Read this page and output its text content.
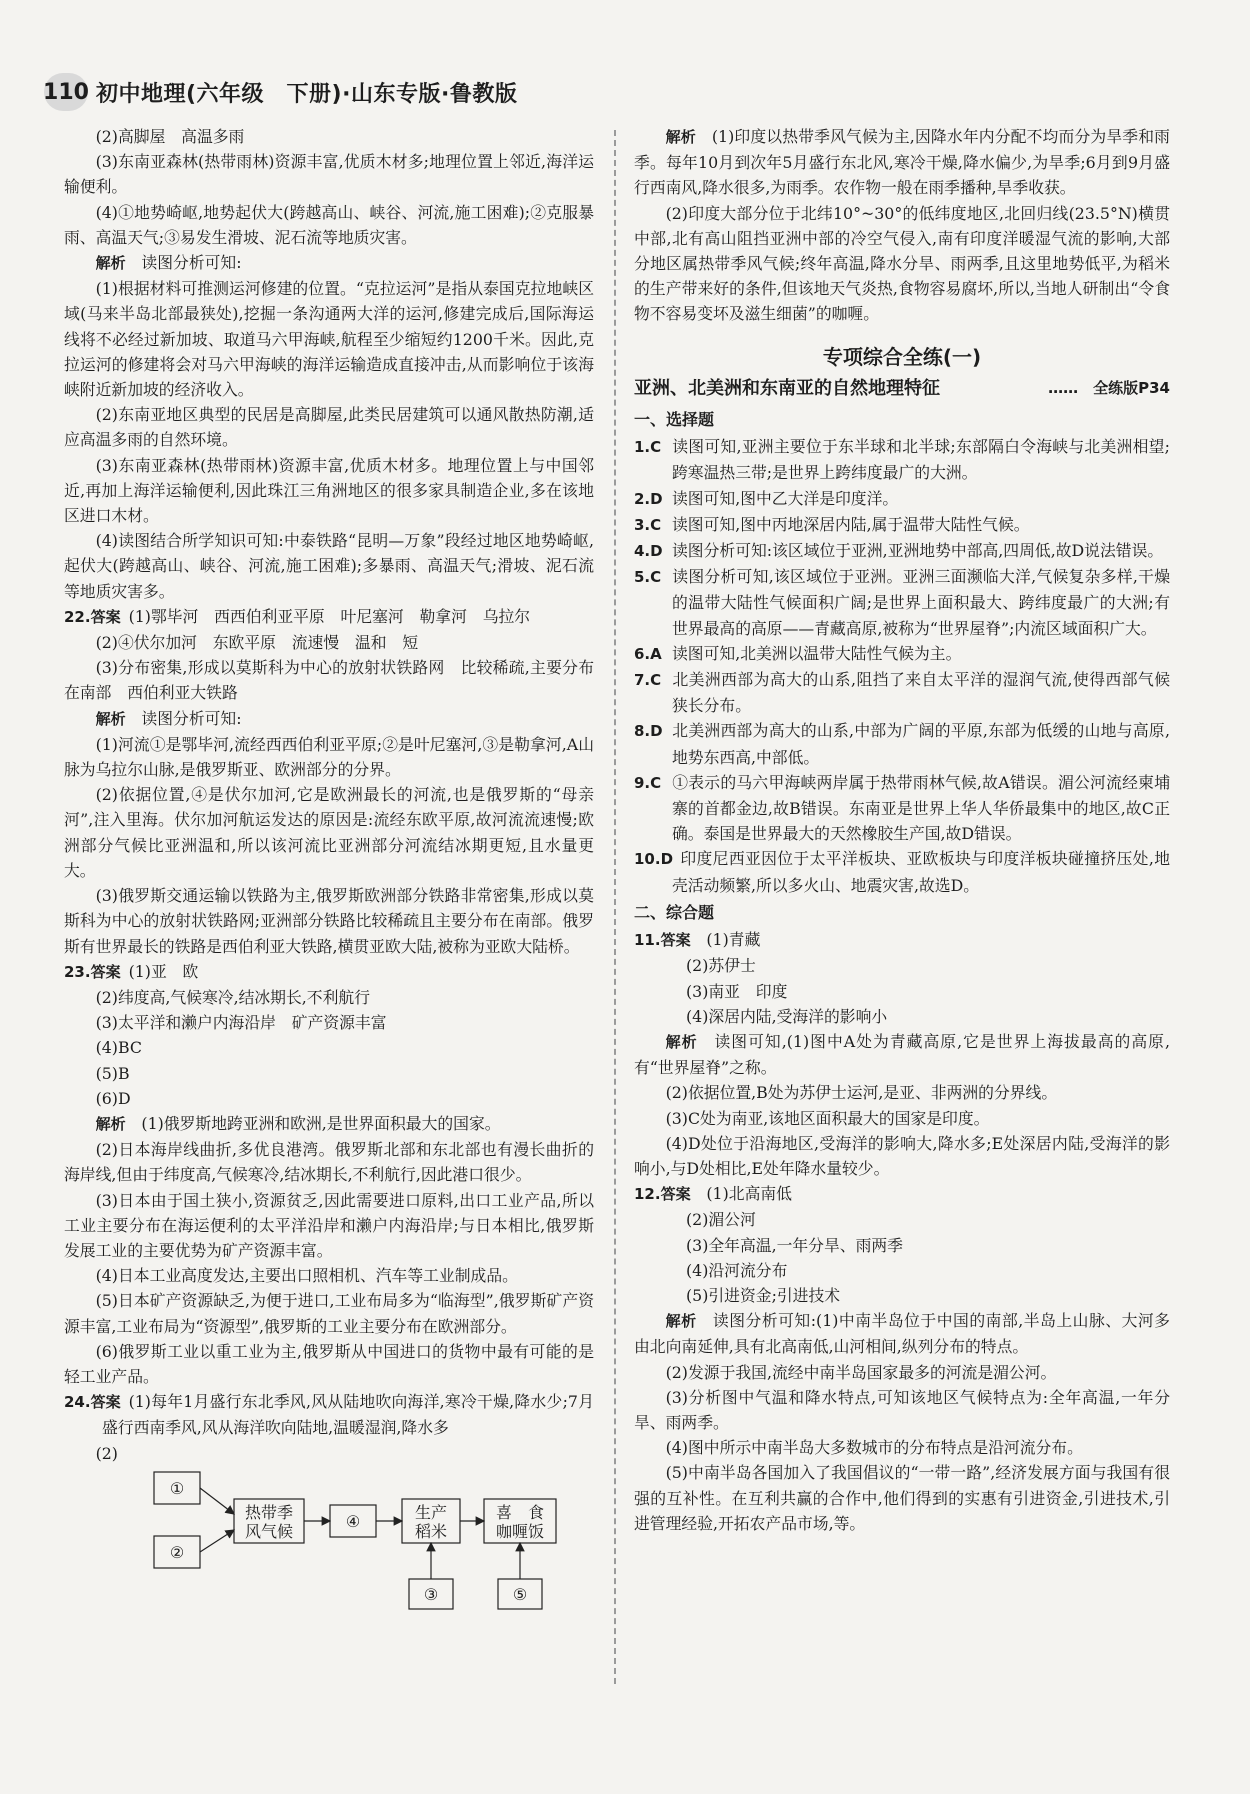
110 初中地理(六年级　下册)·山东专版·鲁教版

(2)高脚屋　高温多雨

(3)东南亚森林(热带雨林)资源丰富,优质木材多;地理位置上邻近,海洋运输便利。

(4)①地势崎岖,地势起伏大(跨越高山、峡谷、河流,施工困难);②克服暴雨、高温天气;③易发生滑坡、泥石流等地质灾害。

解析　 读图分析可知:

(1)根据材料可推测运河修建的位置。“克拉运河”是指从泰国克拉地峡区域(马来半岛北部最狭处),挖掘一条沟通两大洋的运河,修建完成后,国际海运线将不必经过新加坡、取道马六甲海峡,航程至少缩短约1200千米。因此,克拉运河的修建将会对马六甲海峡的海洋运输造成直接冲击,从而影响位于该海峡附近新加坡的经济收入。

(2)东南亚地区典型的民居是高脚屋,此类民居建筑可以通风散热防潮,适应高温多雨的自然环境。

(3)东南亚森林(热带雨林)资源丰富,优质木材多。地理位置上与中国邻近,再加上海洋运输便利,因此珠江三角洲地区的很多家具制造企业,多在该地区进口木材。

(4)读图结合所学知识可知:中泰铁路“昆明—万象”段经过地区地势崎岖,起伏大(跨越高山、峡谷、河流,施工困难);多暴雨、高温天气;滑坡、泥石流等地质灾害多。

22.答案 (1)鄂毕河　西西伯利亚平原　叶尼塞河　勒拿河　乌拉尔

(2)④伏尔加河　东欧平原　流速慢　温和　短

(3)分布密集,形成以莫斯科为中心的放射状铁路网　比较稀疏,主要分布在南部　西伯利亚大铁路

解析　 读图分析可知:

(1)河流①是鄂毕河,流经西西伯利亚平原;②是叶尼塞河,③是勒拿河,A山脉为乌拉尔山脉,是俄罗斯亚、欧洲部分的分界。

(2)依据位置,④是伏尔加河,它是欧洲最长的河流,也是俄罗斯的“母亲河”,注入里海。伏尔加河航运发达的原因是:流经东欧平原,故河流流速慢;欧洲部分气候比亚洲温和,所以该河流比亚洲部分河流结冰期更短,且水量更大。

(3)俄罗斯交通运输以铁路为主,俄罗斯欧洲部分铁路非常密集,形成以莫斯科为中心的放射状铁路网;亚洲部分铁路比较稀疏且主要分布在南部。俄罗斯有世界最长的铁路是西伯利亚大铁路,横贯亚欧大陆,被称为亚欧大陆桥。

23.答案 (1)亚　欧

(2)纬度高,气候寒冷,结冰期长,不利航行

(3)太平洋和濑户内海沿岸　矿产资源丰富

(4)BC

(5)B

(6)D

解析　 (1)俄罗斯地跨亚洲和欧洲,是世界面积最大的国家。

(2)日本海岸线曲折,多优良港湾。俄罗斯北部和东北部也有漫长曲折的海岸线,但由于纬度高,气候寒冷,结冰期长,不利航行,因此港口很少。

(3)日本由于国土狭小,资源贫乏,因此需要进口原料,出口工业产品,所以工业主要分布在海运便利的太平洋沿岸和濑户内海沿岸;与日本相比,俄罗斯发展工业的主要优势为矿产资源丰富。

(4)日本工业高度发达,主要出口照相机、汽车等工业制成品。

(5)日本矿产资源缺乏,为便于进口,工业布局多为“临海型”,俄罗斯矿产资源丰富,工业布局为“资源型”,俄罗斯的工业主要分布在欧洲部分。

(6)俄罗斯工业以重工业为主,俄罗斯从中国进口的货物中最有可能的是轻工业产品。

24.答案 (1)每年1月盛行东北季风,风从陆地吹向海洋,寒冷干燥,降水少;7月盛行西南季风,风从海洋吹向陆地,温暖湿润,降水多

(2)

①
②
热带季
风气候
④	生产
稻米
喜　食
咖喱饭
③	⑤

解析　 (1)印度以热带季风气候为主,因降水年内分配不均而分为旱季和雨季。每年10月到次年5月盛行东北风,寒冷干燥,降水偏少,为旱季;6月到9月盛行西南风,降水很多,为雨季。农作物一般在雨季播种,旱季收获。

(2)印度大部分位于北纬10°~30°的低纬度地区,北回归线(23.5°N)横贯中部,北有高山阻挡亚洲中部的冷空气侵入,南有印度洋暖湿气流的影响,大部分地区属热带季风气候;终年高温,降水分旱、雨两季,且这里地势低平,为稻米的生产带来好的条件,但该地天气炎热,食物容易腐坏,所以,当地人研制出“令食物不容易变坏及滋生细菌”的咖喱。

专项综合全练(一)
亚洲、北美洲和东南亚的自然地理特征	……　全练版P34
一、选择题

1.C 读图可知,亚洲主要位于东半球和北半球;东部隔白令海峡与北美洲相望;跨寒温热三带;是世界上跨纬度最广的大洲。

2.D 读图可知,图中乙大洋是印度洋。

3.C 读图可知,图中丙地深居内陆,属于温带大陆性气候。

4.D 读图分析可知:该区域位于亚洲,亚洲地势中部高,四周低,故D说法错误。

5.C 读图分析可知,该区域位于亚洲。亚洲三面濒临大洋,气候复杂多样,干燥的温带大陆性气候面积广阔;是世界上面积最大、跨纬度最广的大洲;有世界最高的高原——青藏高原,被称为“世界屋脊”;内流区域面积广大。

6.A 读图可知,北美洲以温带大陆性气候为主。

7.C 北美洲西部为高大的山系,阻挡了来自太平洋的湿润气流,使得西部气候狭长分布。

8.D 北美洲西部为高大的山系,中部为广阔的平原,东部为低缓的山地与高原,地势东西高,中部低。

9.C ①表示的马六甲海峡两岸属于热带雨林气候,故A错误。湄公河流经柬埔寨的首都金边,故B错误。东南亚是世界上华人华侨最集中的地区,故C正确。泰国是世界最大的天然橡胶生产国,故D错误。

10.D 印度尼西亚因位于太平洋板块、亚欧板块与印度洋板块碰撞挤压处,地壳活动频繁,所以多火山、地震灾害,故选D。

二、综合题

11.答案　 (1)青藏

(2)苏伊士

(3)南亚　印度

(4)深居内陆,受海洋的影响小

解析　 读图可知,(1)图中A处为青藏高原,它是世界上海拔最高的高原,有“世界屋脊”之称。

(2)依据位置,B处为苏伊士运河,是亚、非两洲的分界线。

(3)C处为南亚,该地区面积最大的国家是印度。

(4)D处位于沿海地区,受海洋的影响大,降水多;E处深居内陆,受海洋的影响小,与D处相比,E处年降水量较少。

12.答案　 (1)北高南低

(2)湄公河

(3)全年高温,一年分旱、雨两季

(4)沿河流分布

(5)引进资金;引进技术

解析　 读图分析可知:(1)中南半岛位于中国的南部,半岛上山脉、大河多由北向南延伸,具有北高南低,山河相间,纵列分布的特点。

(2)发源于我国,流经中南半岛国家最多的河流是湄公河。

(3)分析图中气温和降水特点,可知该地区气候特点为:全年高温,一年分旱、雨两季。

(4)图中所示中南半岛大多数城市的分布特点是沿河流分布。

(5)中南半岛各国加入了我国倡议的“一带一路”,经济发展方面与我国有很强的互补性。在互利共赢的合作中,他们得到的实惠有引进资金,引进技术,引进管理经验,开拓农产品市场,等。
